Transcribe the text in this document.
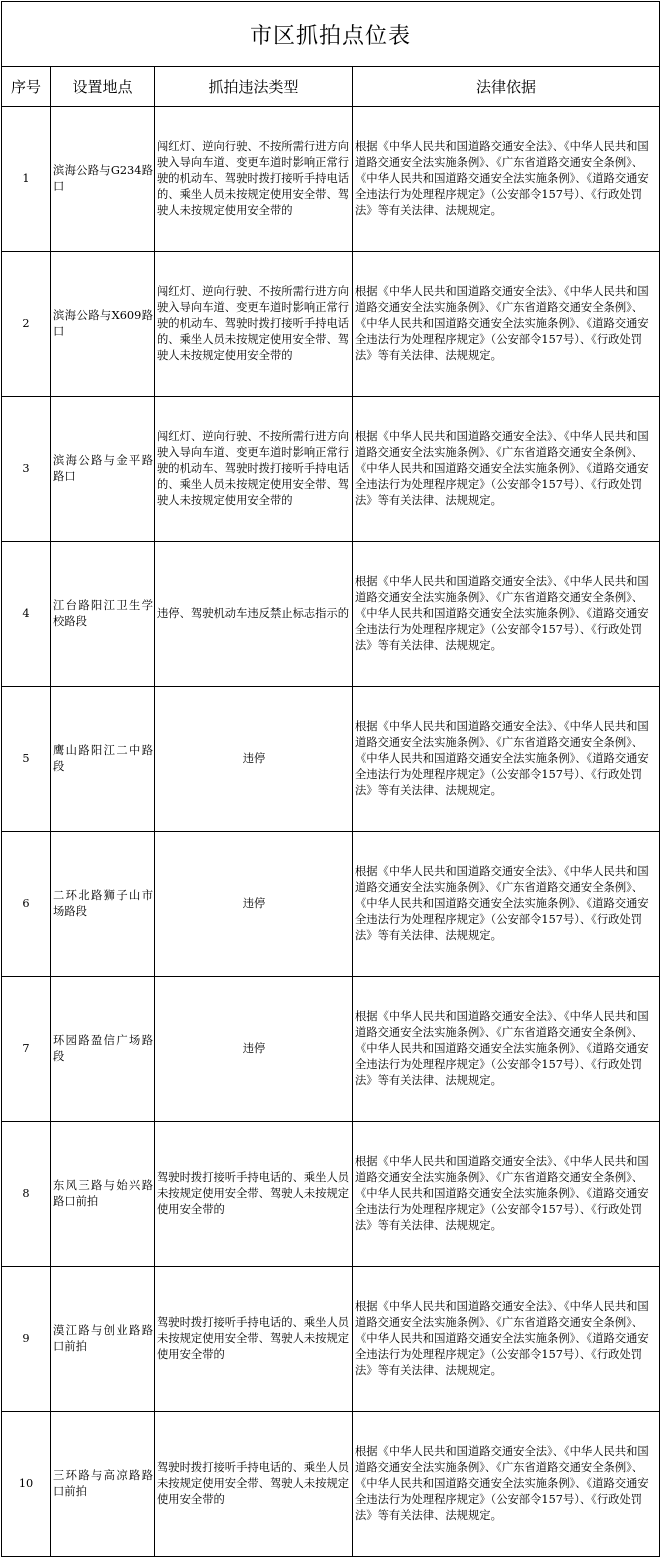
市区抓拍点位表			
序号	设置地点	抓拍违法类型	法律依据
1	滨海公路与G234路口	闯红灯、逆向行驶、不按所需行进方向驶入导向车道、变更车道时影响正常行驶的机动车、驾驶时拨打接听手持电话的、乘坐人员未按规定使用安全带、驾驶人未按规定使用安全带的	根据《中华人民共和国道路交通安全法》、《中华人民共和国道路交通安全法实施条例》、《广东省道路交通安全条例》、《中华人民共和国道路交通安全法实施条例》、《道路交通安全违法行为处理程序规定》（公安部令157号）、《行政处罚法》等有关法律、法规规定。
2	滨海公路与X609路口	闯红灯、逆向行驶、不按所需行进方向驶入导向车道、变更车道时影响正常行驶的机动车、驾驶时拨打接听手持电话的、乘坐人员未按规定使用安全带、驾驶人未按规定使用安全带的	根据《中华人民共和国道路交通安全法》、《中华人民共和国道路交通安全法实施条例》、《广东省道路交通安全条例》、《中华人民共和国道路交通安全法实施条例》、《道路交通安全违法行为处理程序规定》（公安部令157号）、《行政处罚法》等有关法律、法规规定。
3	滨海公路与金平路路口	闯红灯、逆向行驶、不按所需行进方向驶入导向车道、变更车道时影响正常行驶的机动车、驾驶时拨打接听手持电话的、乘坐人员未按规定使用安全带、驾驶人未按规定使用安全带的	根据《中华人民共和国道路交通安全法》、《中华人民共和国道路交通安全法实施条例》、《广东省道路交通安全条例》、《中华人民共和国道路交通安全法实施条例》、《道路交通安全违法行为处理程序规定》（公安部令157号）、《行政处罚法》等有关法律、法规规定。
4	江台路阳江卫生学校路段	违停、驾驶机动车违反禁止标志指示的	根据《中华人民共和国道路交通安全法》、《中华人民共和国道路交通安全法实施条例》、《广东省道路交通安全条例》、《中华人民共和国道路交通安全法实施条例》、《道路交通安全违法行为处理程序规定》（公安部令157号）、《行政处罚法》等有关法律、法规规定。
5	鹰山路阳江二中路段	违停	根据《中华人民共和国道路交通安全法》、《中华人民共和国道路交通安全法实施条例》、《广东省道路交通安全条例》、《中华人民共和国道路交通安全法实施条例》、《道路交通安全违法行为处理程序规定》（公安部令157号）、《行政处罚法》等有关法律、法规规定。
6	二环北路狮子山市场路段	违停	根据《中华人民共和国道路交通安全法》、《中华人民共和国道路交通安全法实施条例》、《广东省道路交通安全条例》、《中华人民共和国道路交通安全法实施条例》、《道路交通安全违法行为处理程序规定》（公安部令157号）、《行政处罚法》等有关法律、法规规定。
7	环园路盈信广场路段	违停	根据《中华人民共和国道路交通安全法》、《中华人民共和国道路交通安全法实施条例》、《广东省道路交通安全条例》、《中华人民共和国道路交通安全法实施条例》、《道路交通安全违法行为处理程序规定》（公安部令157号）、《行政处罚法》等有关法律、法规规定。
8	东风三路与始兴路路口前拍	驾驶时拨打接听手持电话的、乘坐人员未按规定使用安全带、驾驶人未按规定使用安全带的	根据《中华人民共和国道路交通安全法》、《中华人民共和国道路交通安全法实施条例》、《广东省道路交通安全条例》、《中华人民共和国道路交通安全法实施条例》、《道路交通安全违法行为处理程序规定》（公安部令157号）、《行政处罚法》等有关法律、法规规定。
9	漠江路与创业路路口前拍	驾驶时拨打接听手持电话的、乘坐人员未按规定使用安全带、驾驶人未按规定使用安全带的	根据《中华人民共和国道路交通安全法》、《中华人民共和国道路交通安全法实施条例》、《广东省道路交通安全条例》、《中华人民共和国道路交通安全法实施条例》、《道路交通安全违法行为处理程序规定》（公安部令157号）、《行政处罚法》等有关法律、法规规定。
10	三环路与高凉路路口前拍	驾驶时拨打接听手持电话的、乘坐人员未按规定使用安全带、驾驶人未按规定使用安全带的	根据《中华人民共和国道路交通安全法》、《中华人民共和国道路交通安全法实施条例》、《广东省道路交通安全条例》、《中华人民共和国道路交通安全法实施条例》、《道路交通安全违法行为处理程序规定》（公安部令157号）、《行政处罚法》等有关法律、法规规定。
